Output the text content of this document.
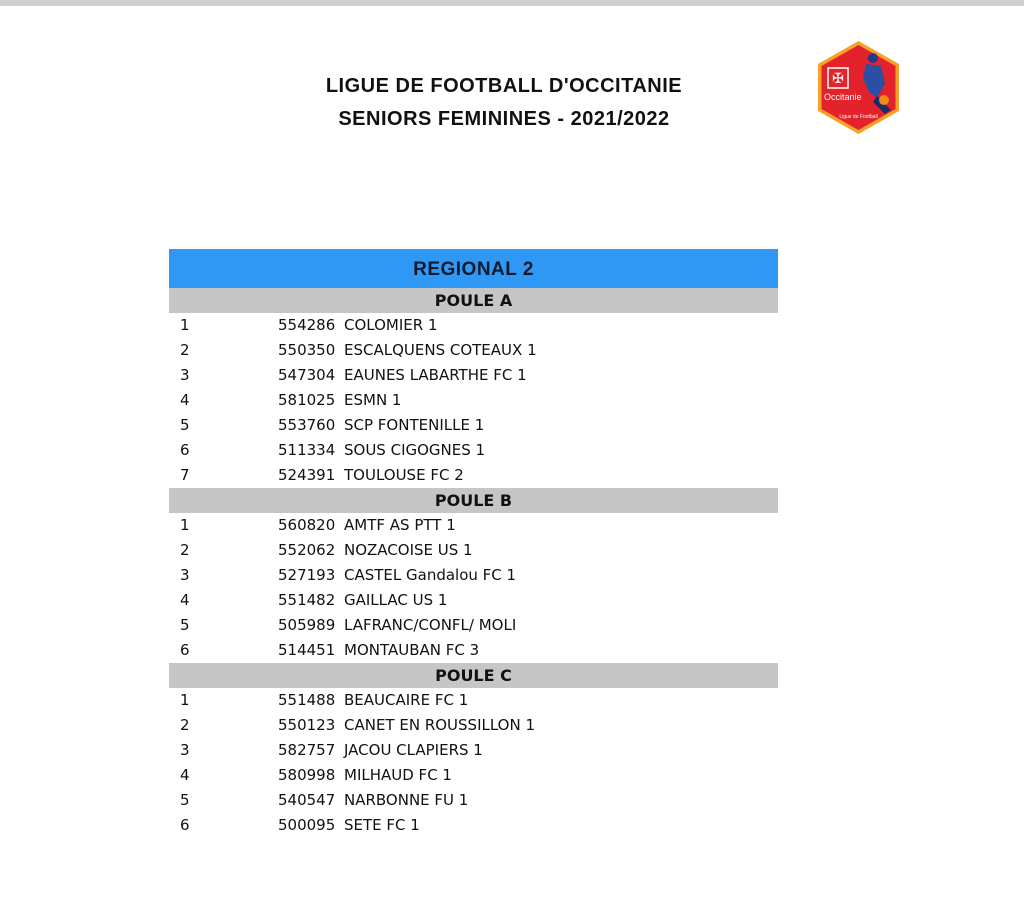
LIGUE DE FOOTBALL D'OCCITANIE
SENIORS FEMININES - 2021/2022
✠
Occitanie
Ligue de Football
REGIONAL 2
POULE A
1	554286 COLOMIER 1
2	550350 ESCALQUENS COTEAUX 1
3	547304 EAUNES LABARTHE FC 1
4	581025 ESMN 1
5	553760 SCP FONTENILLE 1
6	511334 SOUS CIGOGNES 1
7	524391 TOULOUSE FC 2
POULE B
1	560820 AMTF AS PTT 1
2	552062 NOZACOISE US 1
3	527193 CASTEL Gandalou FC 1
4	551482 GAILLAC US 1
5	505989 LAFRANC/CONFL/ MOLI
6	514451 MONTAUBAN FC 3
POULE C
1	551488 BEAUCAIRE FC 1
2	550123 CANET EN ROUSSILLON 1
3	582757 JACOU CLAPIERS 1
4	580998 MILHAUD FC 1
5	540547 NARBONNE FU 1
6	500095 SETE FC 1
